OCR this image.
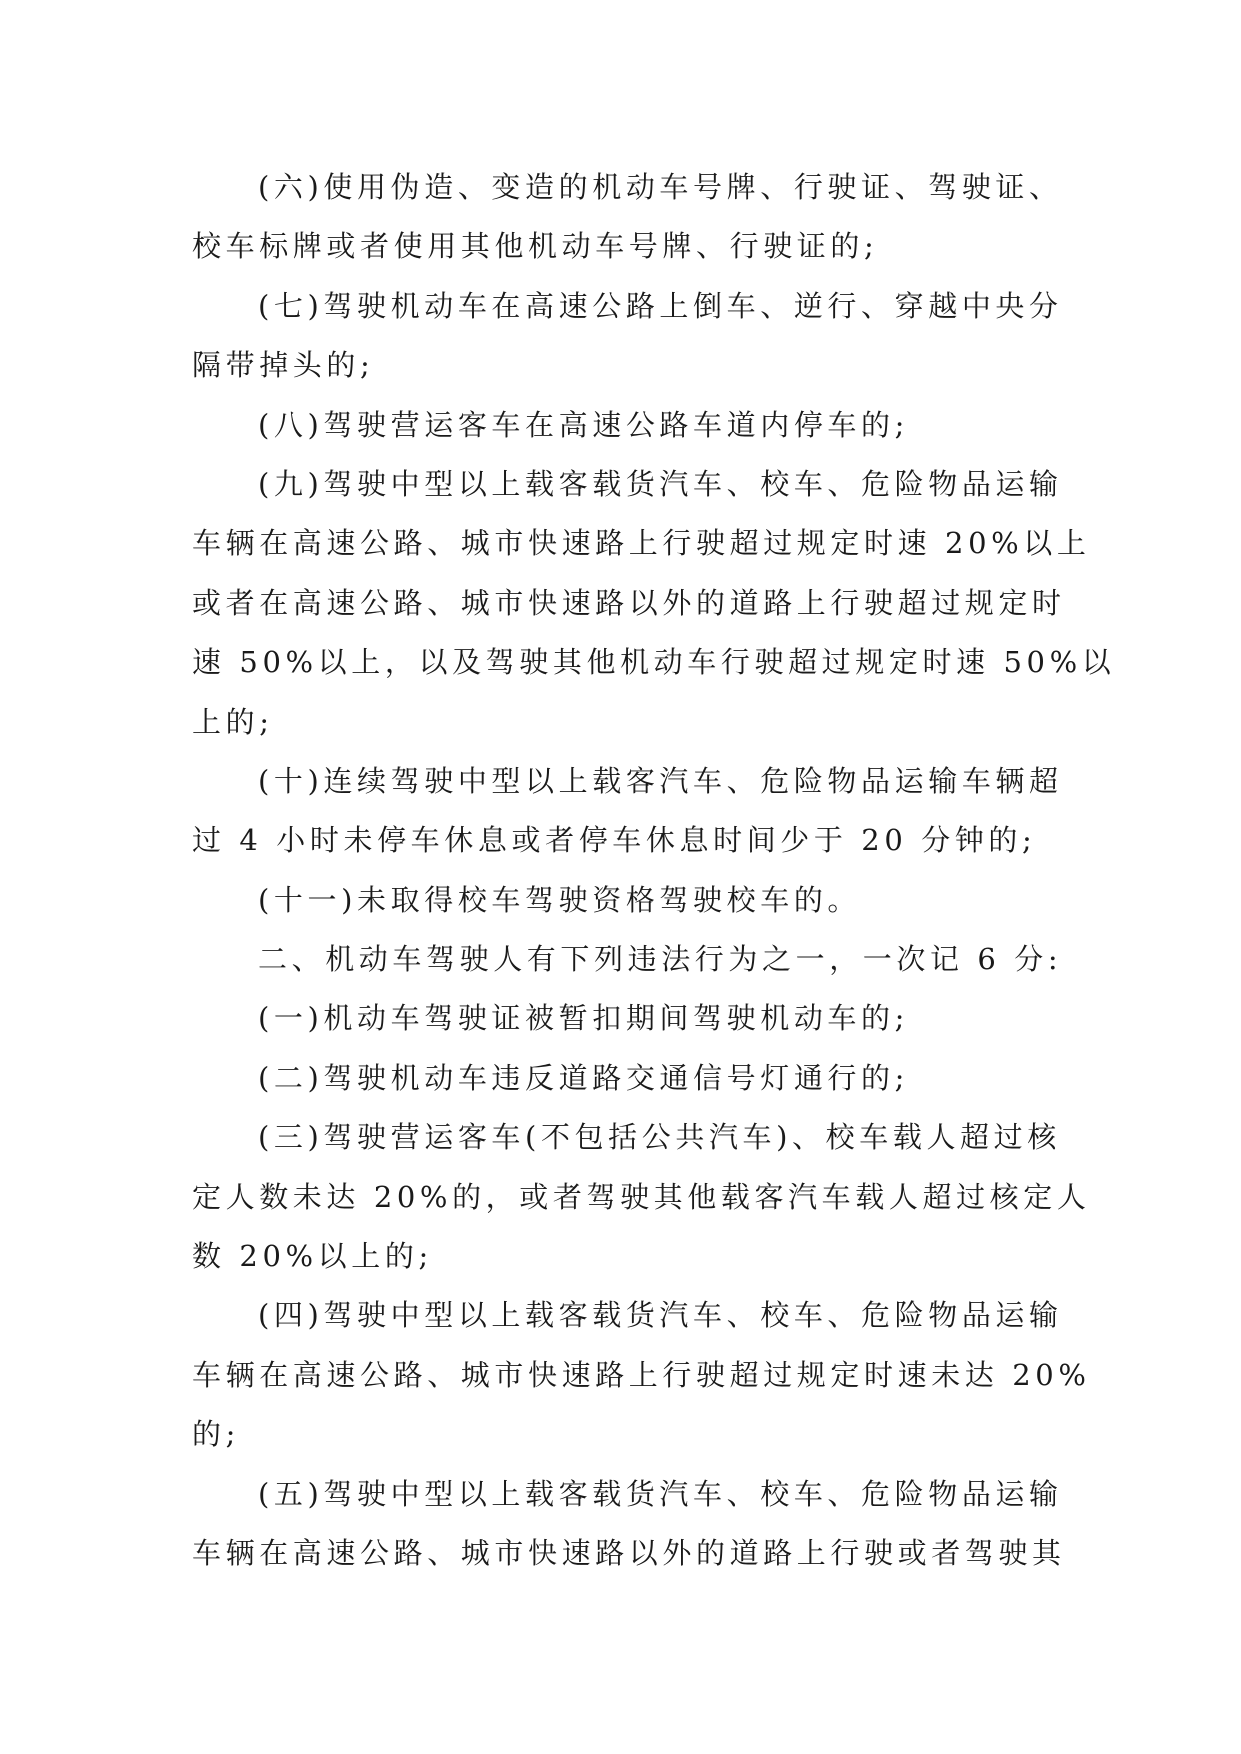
(六)使用伪造、变造的机动车号牌、行驶证、驾驶证、
校车标牌或者使用其他机动车号牌、行驶证的;
(七)驾驶机动车在高速公路上倒车、逆行、穿越中央分
隔带掉头的;
(八)驾驶营运客车在高速公路车道内停车的;
(九)驾驶中型以上载客载货汽车、校车、危险物品运输
车辆在高速公路、城市快速路上行驶超过规定时速 20%以上
或者在高速公路、城市快速路以外的道路上行驶超过规定时
速 50%以上，以及驾驶其他机动车行驶超过规定时速 50%以
上的;
(十)连续驾驶中型以上载客汽车、危险物品运输车辆超
过 4 小时未停车休息或者停车休息时间少于 20 分钟的;
(十一)未取得校车驾驶资格驾驶校车的。
二、机动车驾驶人有下列违法行为之一，一次记 6 分:
(一)机动车驾驶证被暂扣期间驾驶机动车的;
(二)驾驶机动车违反道路交通信号灯通行的;
(三)驾驶营运客车(不包括公共汽车)、校车载人超过核
定人数未达 20%的，或者驾驶其他载客汽车载人超过核定人
数 20%以上的;
(四)驾驶中型以上载客载货汽车、校车、危险物品运输
车辆在高速公路、城市快速路上行驶超过规定时速未达 20%
的;
(五)驾驶中型以上载客载货汽车、校车、危险物品运输
车辆在高速公路、城市快速路以外的道路上行驶或者驾驶其
